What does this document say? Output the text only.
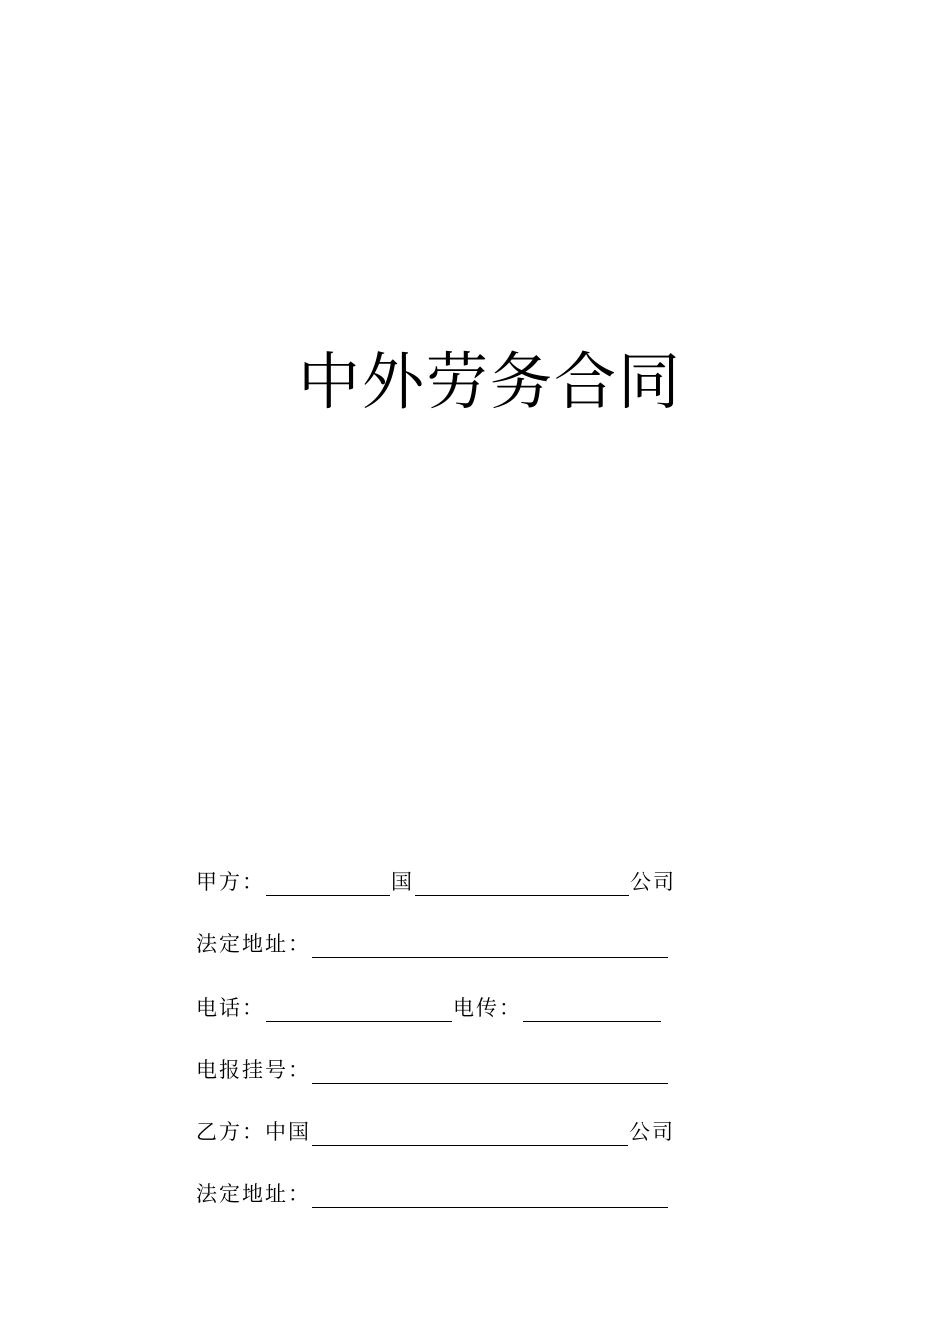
中外劳务合同
甲方：	国	公司
法定地址：
电话：	电传：
电报挂号：
乙方：中国	公司
法定地址：
